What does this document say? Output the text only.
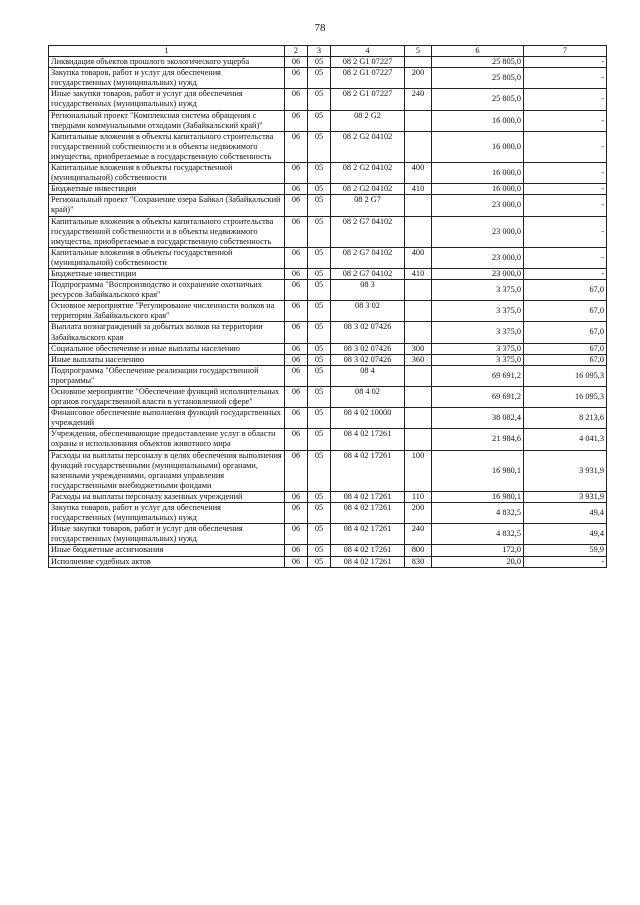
78
1	2	3	4	5	6	7
Ликвидация объектов прошлого экологического ущерба	06	05	08 2 G1 07227		25 805,0	-
Закупка товаров, работ и услуг для обеспечения государственных (муниципальных) нужд	06	05	08 2 G1 07227	200	25 805,0	-
Иные закупки товаров, работ и услуг для обеспечения государственных (муниципальных) нужд	06	05	08 2 G1 07227	240	25 805,0	-
Региональный проект "Комплексная система обращения с твердыми коммунальными отходами (Забайкальский край)"	06	05	08 2 G2		16 000,0	-
Капитальные вложения в объекты капитального строительства государственной собственности и в объекты недвижимого имущества, приобретаемые в государственную собственность	06	05	08 2 G2 04102		16 000,0	-
Капитальные вложения в объекты государственной (муниципальной) собственности	06	05	08 2 G2 04102	400	16 000,0	-
Бюджетные инвестиции	06	05	08 2 G2 04102	410	16 000,0	-
Региональный проект "Сохранение озера Байкал (Забайкальский край)"	06	05	08 2 G7		23 000,0	-
Капитальные вложения в объекты капитального строительства государственной собственности и в объекты недвижимого имущества, приобретаемые в государственную собственность	06	05	08 2 G7 04102		23 000,0	-
Капитальные вложения в объекты государственной (муниципальной) собственности	06	05	08 2 G7 04102	400	23 000,0	-
Бюджетные инвестиции	06	05	08 2 G7 04102	410	23 000,0	-
Подпрограмма "Воспроизводство и сохранение охотничьих ресурсов Забайкальского края"	06	05	08 3		3 375,0	67,0
Основное мероприятие "Регулирование численности волков на территории Забайкальского края"	06	05	08 3 02		3 375,0	67,0
Выплата вознаграждений за добытых волков на территории Забайкальского края	06	05	08 3 02 07426		3 375,0	67,0
Социальное обеспечение и иные выплаты населению	06	05	08 3 02 07426	300	3 375,0	67,0
Иные выплаты населению	06	05	08 3 02 07426	360	3 375,0	67,0
Подпрограмма "Обеспечение реализации государственной программы"	06	05	08 4		69 691,2	16 095,3
Основное мероприятие "Обеспечение функций исполнительных органов государственной власти в установленной сфере"	06	05	08 4 02		69 691,2	16 095,3
Финансовое обеспечение выполнения функций государственных учреждений	06	05	08 4 02 10000		38 082,4	8 213,6
Учреждения, обеспечивающие предоставление услуг в области охраны и использования объектов животного мира	06	05	08 4 02 17261		21 984,6	4 041,3
Расходы на выплаты персоналу в целях обеспечения выполнения функций государственными (муниципальными) органами, казенными учреждениями, органами управления государственными внебюджетными фондами	06	05	08 4 02 17261	100	16 980,1	3 931,9
Расходы на выплаты персоналу казенных учреждений	06	05	08 4 02 17261	110	16 980,1	3 931,9
Закупка товаров, работ и услуг для обеспечения государственных (муниципальных) нужд	06	05	08 4 02 17261	200	4 832,5	49,4
Иные закупки товаров, работ и услуг для обеспечения государственных (муниципальных) нужд	06	05	08 4 02 17261	240	4 832,5	49,4
Иные бюджетные ассигнования	06	05	08 4 02 17261	800	172,0	59,9
Исполнение судебных актов	06	05	08 4 02 17261	830	20,0	-
